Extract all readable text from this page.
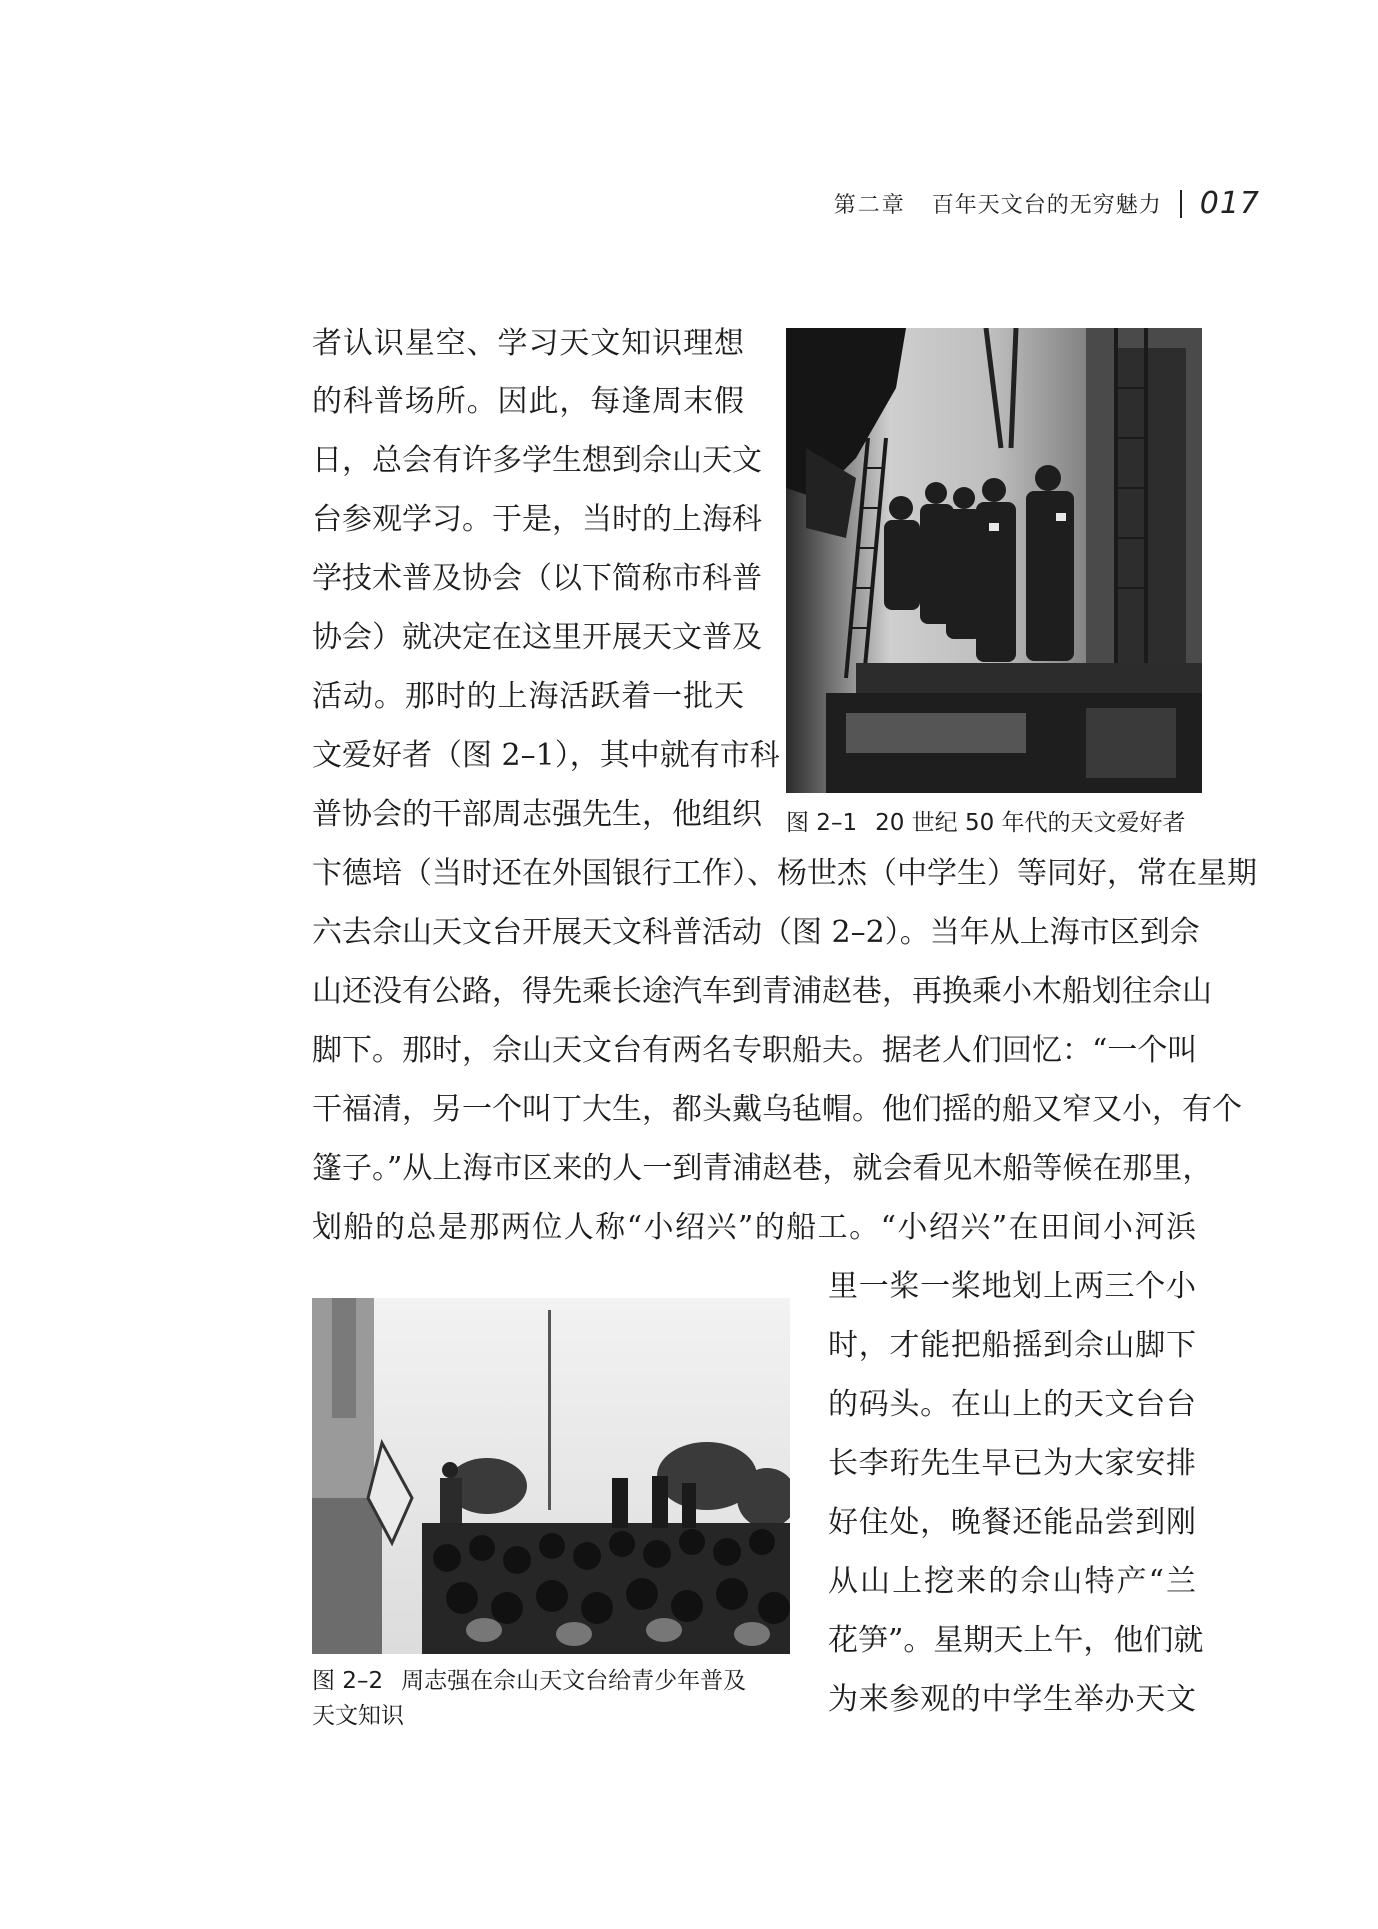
第二章 百年天文台的无穷魅力 017
者认识星空、学习天文知识理想
的科普场所。因此，每逢周末假
日，总会有许多学生想到佘山天文
台参观学习。于是，当时的上海科
学技术普及协会（以下简称市科普
协会）就决定在这里开展天文普及
活动。那时的上海活跃着一批天
文爱好者（图 2–1），其中就有市科
普协会的干部周志强先生，他组织 图 2–1 20 世纪 50 年代的天文爱好者
卞德培（当时还在外国银行工作）、杨世杰（中学生）等同好，常在星期
六去佘山天文台开展天文科普活动（图 2–2）。当年从上海市区到佘
山还没有公路，得先乘长途汽车到青浦赵巷，再换乘小木船划往佘山
脚下。那时，佘山天文台有两名专职船夫。据老人们回忆：“一个叫
干福清，另一个叫丁大生，都头戴乌毡帽。他们摇的船又窄又小，有个
篷子。”从上海市区来的人一到青浦赵巷，就会看见木船等候在那里，
划船的总是那两位人称“小绍兴”的船工。“小绍兴”在田间小河浜
图 2–2 周志强在佘山天文台给青少年普及
天文知识
里一桨一桨地划上两三个小
时，才能把船摇到佘山脚下
的码头。在山上的天文台台
长李珩先生早已为大家安排
好住处，晚餐还能品尝到刚
从山上挖来的佘山特产“兰
花笋”。星期天上午，他们就
为来参观的中学生举办天文
